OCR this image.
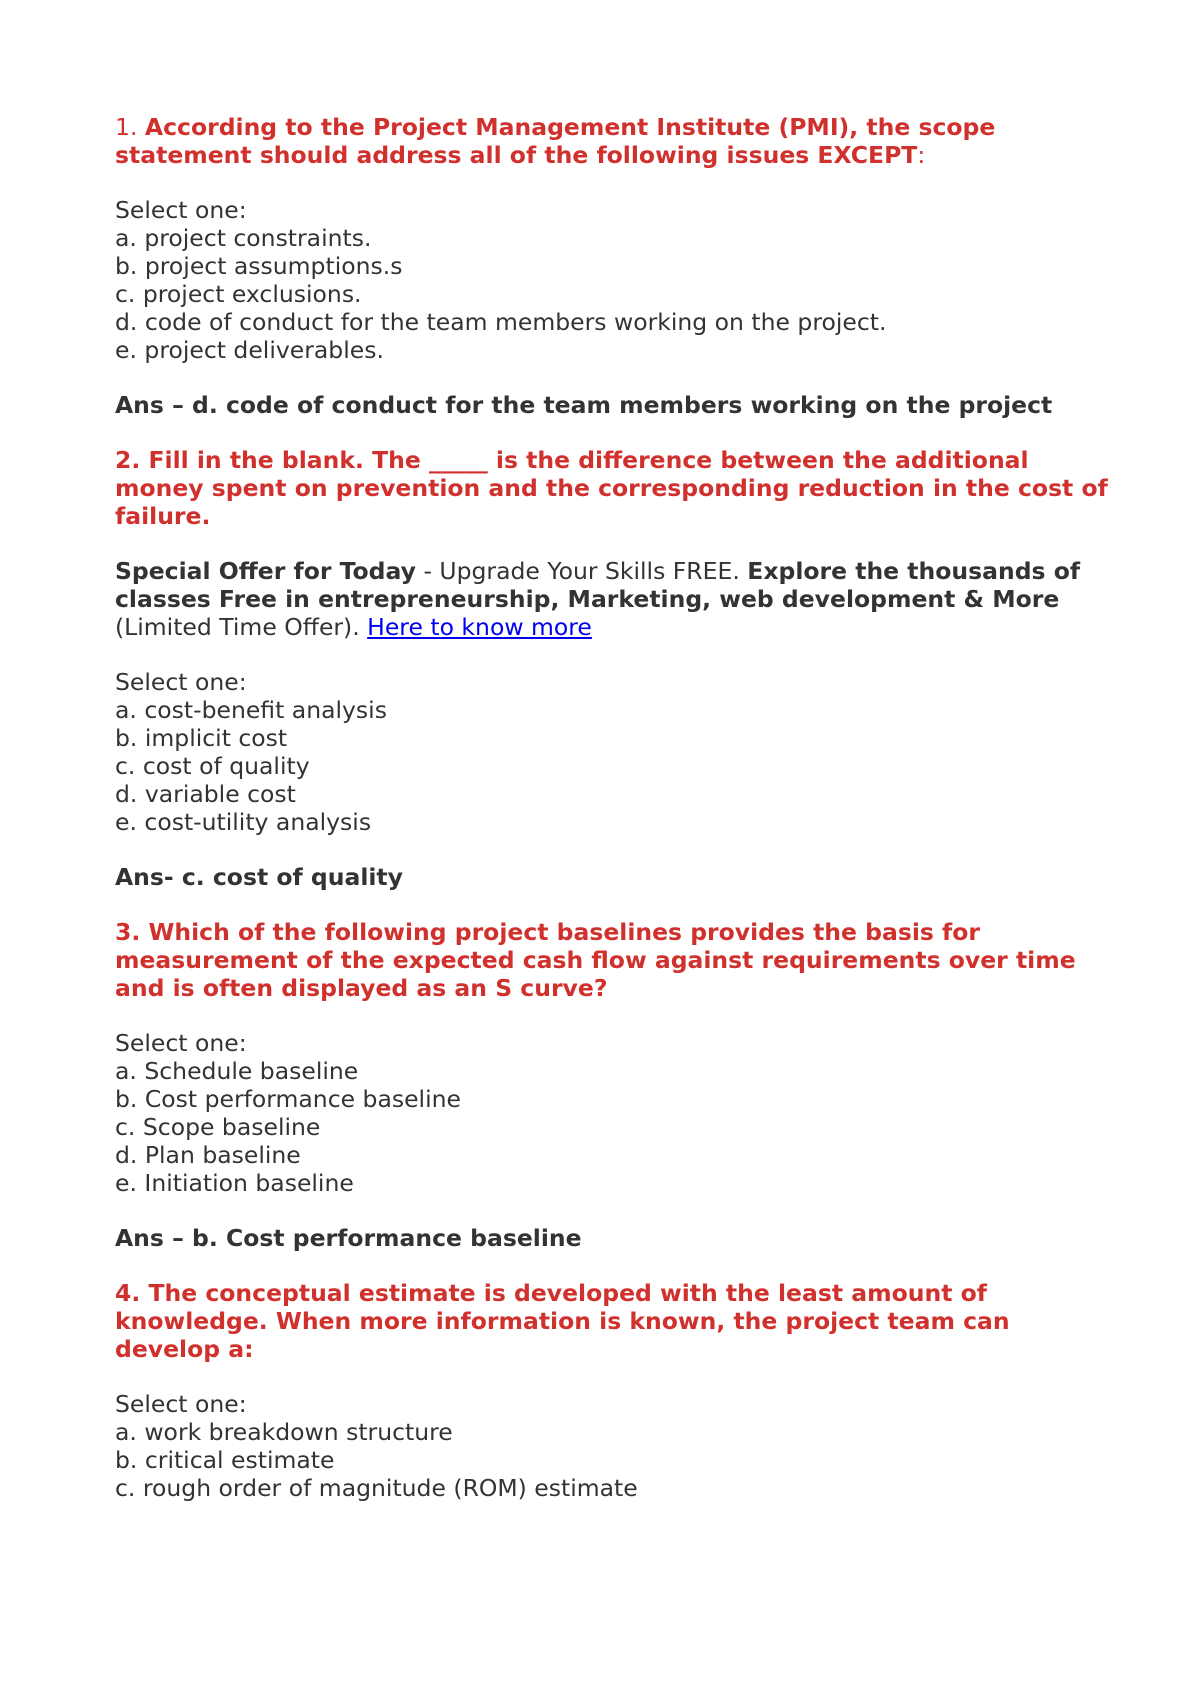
1. According to the Project Management Institute (PMI), the scope statement should address all of the following issues EXCEPT:
Select one:
a. project constraints.
b. project assumptions.s
c. project exclusions.
d. code of conduct for the team members working on the project.
e. project deliverables.
Ans – d. code of conduct for the team members working on the project
2. Fill in the blank. The _____ is the difference between the additional money spent on prevention and the corresponding reduction in the cost of failure.
Special Offer for Today - Upgrade Your Skills FREE. Explore the thousands of classes Free in entrepreneurship, Marketing, web development & More (Limited Time Offer). Here to know more
Select one:
a. cost-benefit analysis
b. implicit cost
c. cost of quality
d. variable cost
e. cost-utility analysis
Ans- c. cost of quality
3. Which of the following project baselines provides the basis for measurement of the expected cash flow against requirements over time and is often displayed as an S curve?
Select one:
a. Schedule baseline
b. Cost performance baseline
c. Scope baseline
d. Plan baseline
e. Initiation baseline
Ans – b. Cost performance baseline
4. The conceptual estimate is developed with the least amount of knowledge. When more information is known, the project team can develop a:
Select one:
a. work breakdown structure
b. critical estimate
c. rough order of magnitude (ROM) estimate
